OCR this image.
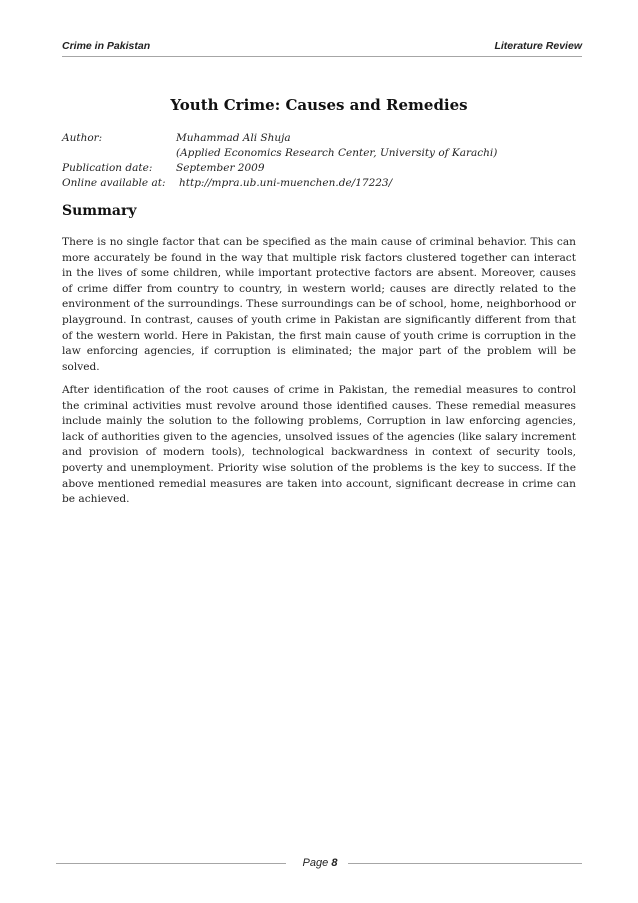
Crime in Pakistan	Literature Review
Youth Crime: Causes and Remedies
Author:	Muhammad Ali Shuja
(Applied Economics Research Center, University of Karachi)
Publication date:	September 2009
Online available at:	http://mpra.ub.uni-muenchen.de/17223/
Summary
There is no single factor that can be specified as the main cause of criminal behavior. This can more accurately be found in the way that multiple risk factors clustered together can interact in the lives of some children, while important protective factors are absent. Moreover, causes of crime differ from country to country, in western world; causes are directly related to the environment of the surroundings. These surroundings can be of school, home, neighborhood or playground. In contrast, causes of youth crime in Pakistan are significantly different from that of the western world. Here in Pakistan, the first main cause of youth crime is corruption in the law enforcing agencies, if corruption is eliminated; the major part of the problem will be solved.
After identification of the root causes of crime in Pakistan, the remedial measures to control the criminal activities must revolve around those identified causes. These remedial measures include mainly the solution to the following problems, Corruption in law enforcing agencies, lack of authorities given to the agencies, unsolved issues of the agencies (like salary increment and provision of modern tools), technological backwardness in context of security tools, poverty and unemployment. Priority wise solution of the problems is the key to success. If the above mentioned remedial measures are taken into account, significant decrease in crime can be achieved.
Page 8
